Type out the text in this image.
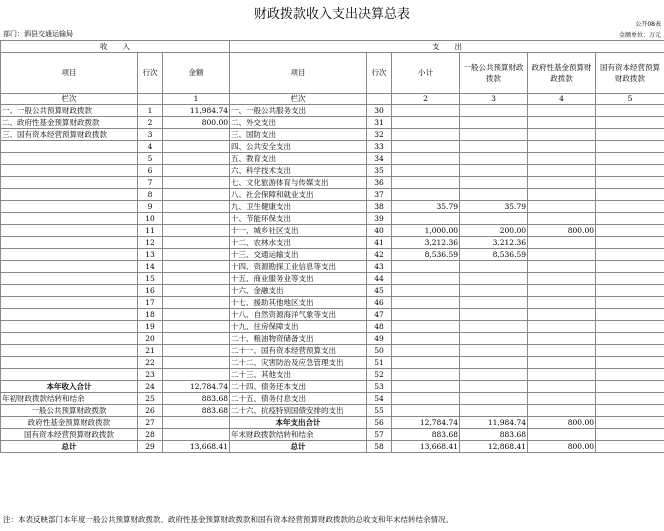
财政拨款收入支出决算总表
公开08表
部门：泗县交通运输局	金额单位：万元
收　　入			支　　出					
项目	行次	金额	项目	行次	小计	一般公共预算财政拨款	政府性基金预算财政拨款	国有资本经营预算财政拨款
栏次		1	栏次		2	3	4	5
一、一般公共预算财政拨款	1	11,984.74	一、一般公共服务支出	30				
二、政府性基金预算财政拨款	2	800.00	二、外交支出	31				
三、国有资本经营预算财政拨款	3		三、国防支出	32				
	4		四、公共安全支出	33				
	5		五、教育支出	34				
	6		六、科学技术支出	35				
	7		七、文化旅游体育与传媒支出	36				
	8		八、社会保障和就业支出	37				
	9		九、卫生健康支出	38	35.79	35.79		
	10		十、节能环保支出	39				
	11		十一、城乡社区支出	40	1,000.00	200.00	800.00	
	12		十二、农林水支出	41	3,212.36	3,212.36		
	13		十三、交通运输支出	42	8,536.59	8,536.59		
	14		十四、资源勘探工业信息等支出	43				
	15		十五、商业服务业等支出	44				
	16		十六、金融支出	45				
	17		十七、援助其他地区支出	46				
	18		十八、自然资源海洋气象等支出	47				
	19		十九、住房保障支出	48				
	20		二十、粮油物资储备支出	49				
	21		二十一、国有资本经营预算支出	50				
	22		二十二、灾害防治及应急管理支出	51				
	23		二十三、其他支出	52				
本年收入合计	24	12,784.74	二十四、债务还本支出	53				
年初财政拨款结转和结余	25	883.68	二十五、债务付息支出	54				
一般公共预算财政拨款	26	883.68	二十六、抗疫特别国债安排的支出	55				
政府性基金预算财政拨款	27		本年支出合计	56	12,784.74	11,984.74	800.00	
国有资本经营预算财政拨款	28		年末财政拨款结转和结余	57	883.68	883.68		
总计	29	13,668.41	总计	58	13,668.41	12,868.41	800.00	
注：本表反映部门本年度一般公共预算财政拨款、政府性基金预算财政拨款和国有资本经营预算财政拨款的总收支和年末结转结余情况。
